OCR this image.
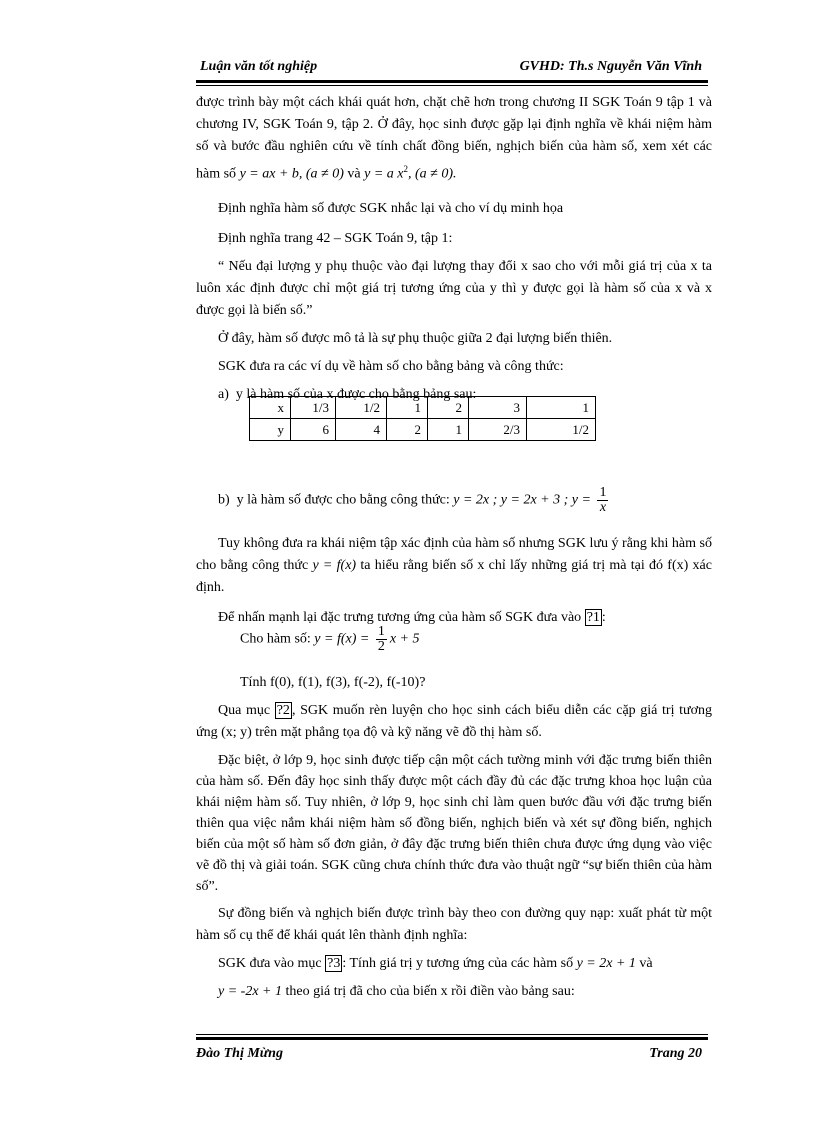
Luận văn tốt nghiệp	GVHD: Th.s Nguyễn Văn Vĩnh

được trình bày một cách khái quát hơn, chặt chẽ hơn trong chương II SGK Toán 9 tập 1 và chương IV, SGK Toán 9, tập 2. Ở đây, học sinh được gặp lại định nghĩa về khái niệm hàm số và bước đầu nghiên cứu về tính chất đồng biến, nghịch biến của hàm số, xem xét các hàm số y = ax + b, (a ≠ 0) và y = a $x^2$, (a ≠ 0).

Định nghĩa hàm số được SGK nhắc lại và cho ví dụ minh họa

Định nghĩa trang 42 – SGK Toán 9, tập 1:

“ Nếu đại lượng y phụ thuộc vào đại lượng thay đổi x sao cho với mỗi giá trị của x ta luôn xác định được chỉ một giá trị tương ứng của y thì y được gọi là hàm số của x và x được gọi là biến số.”

Ở đây, hàm số được mô tả là sự phụ thuộc giữa 2 đại lượng biến thiên.

SGK đưa ra các ví dụ về hàm số cho bằng bảng và công thức:

a) y là hàm số của x được cho bằng bảng sau:

x	1/3	1/2	1	2	3	1
y	6	4	2	1	2/3	1/2
b) y là hàm số được cho bằng công thức: y = 2x ; y = 2x + 3 ; $y = \frac{1}{x}$

Tuy không đưa ra khái niệm tập xác định của hàm số nhưng SGK lưu ý rằng khi hàm số cho bằng công thức y = f(x) ta hiểu rằng biến số x chỉ lấy những giá trị mà tại đó f(x) xác định.

Để nhấn mạnh lại đặc trưng tương ứng của hàm số SGK đưa vào ?1 :

Cho hàm số: $y = f(x) = \frac{1}{2}$ x + 5

Tính f(0), f(1), f(3), f(-2), f(-10)?

Qua mục ?2 , SGK muốn rèn luyện cho học sinh cách biểu diễn các cặp giá trị tương ứng (x; y) trên mặt phẳng tọa độ và kỹ năng vẽ đồ thị hàm số.

Đặc biệt, ở lớp 9, học sinh được tiếp cận một cách tường minh với đặc trưng biến thiên của hàm số. Đến đây học sinh thấy được một cách đầy đủ các đặc trưng khoa học luận của khái niệm hàm số. Tuy nhiên, ở lớp 9, học sinh chỉ làm quen bước đầu với đặc trưng biến thiên qua việc nắm khái niệm hàm số đồng biến, nghịch biến và xét sự đồng biến, nghịch biến của một số hàm số đơn giản, ở đây đặc trưng biến thiên chưa được ứng dụng vào việc vẽ đồ thị và giải toán. SGK cũng chưa chính thức đưa vào thuật ngữ “sự biến thiên của hàm số”.

Sự đồng biến và nghịch biến được trình bày theo con đường quy nạp: xuất phát từ một hàm số cụ thể để khái quát lên thành định nghĩa:

SGK đưa vào mục ?3 : Tính giá trị y tương ứng của các hàm số y = 2x + 1 và

y = -2x + 1 theo giá trị đã cho của biến x rồi điền vào bảng sau:

Đào Thị Mừng	Trang 20
